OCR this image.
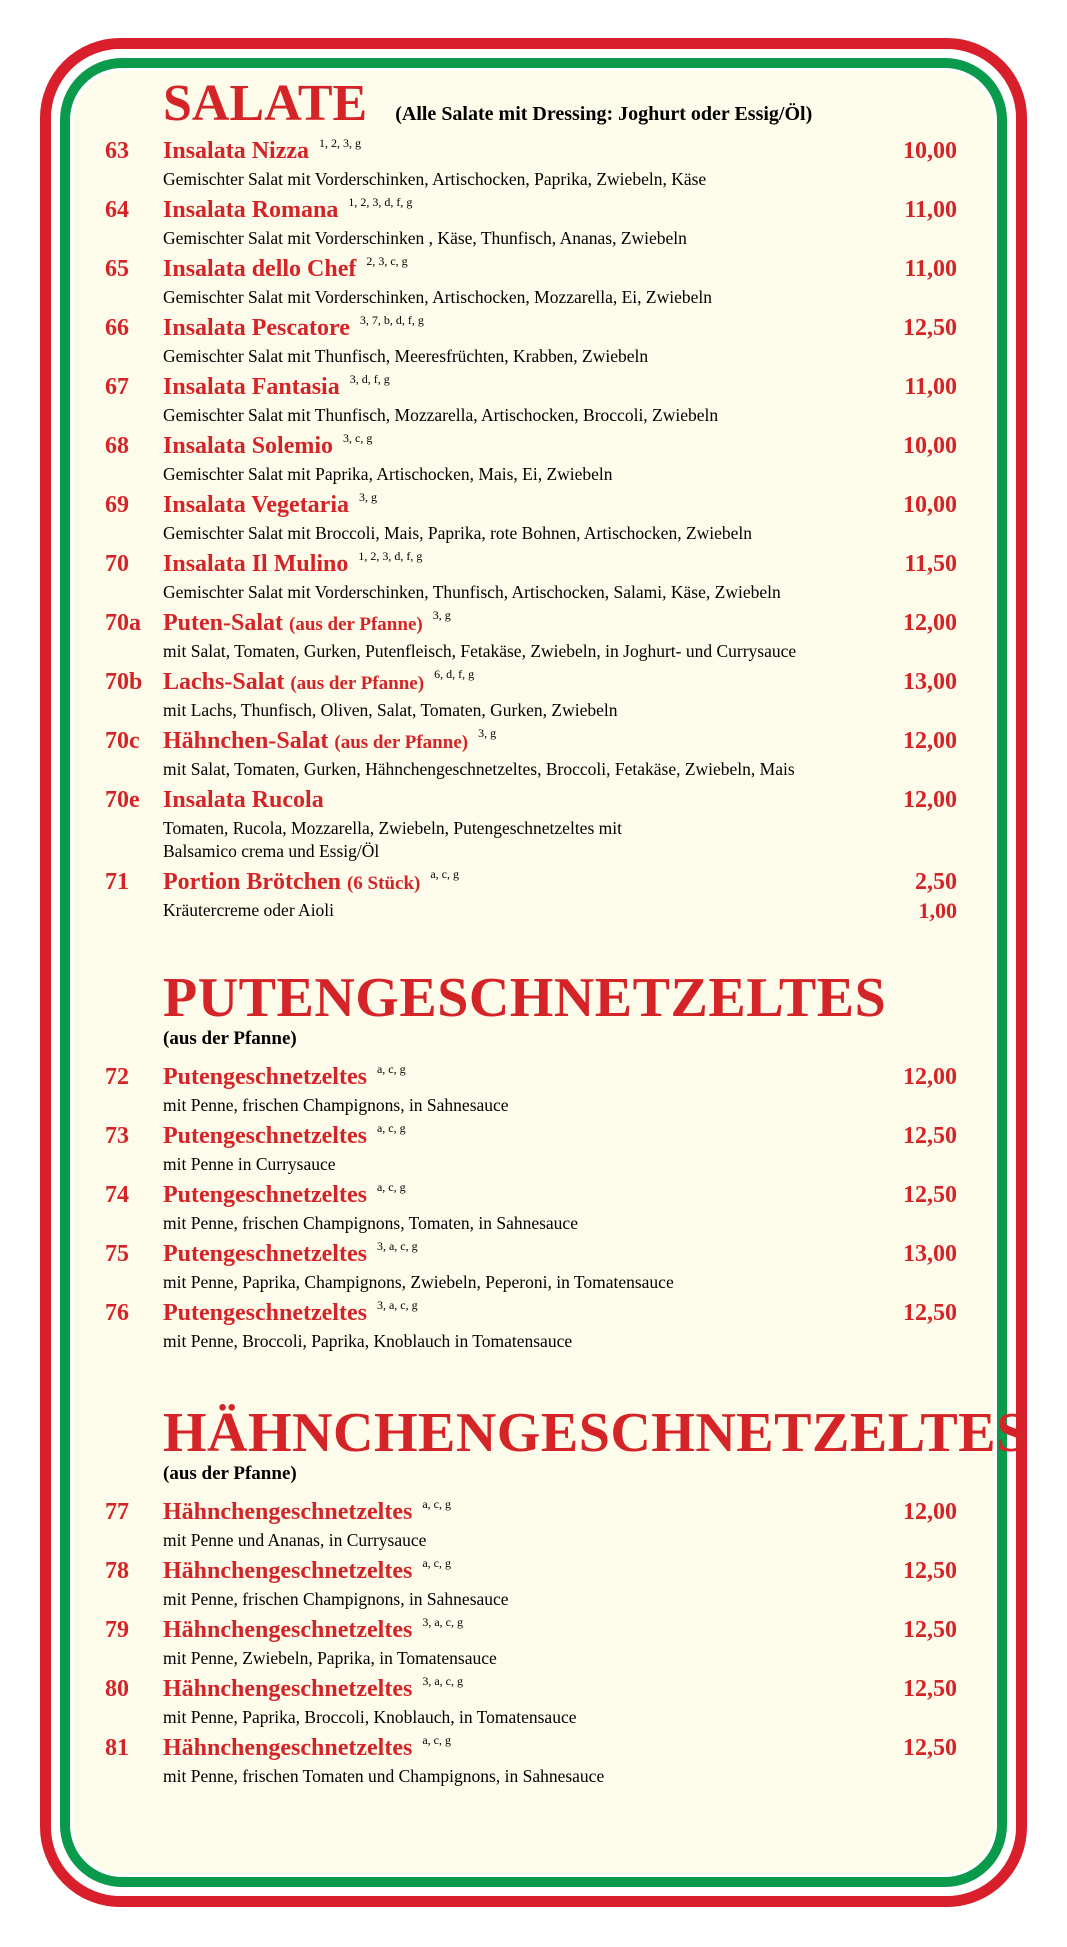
SALATE (Alle Salate mit Dressing: Joghurt oder Essig/Öl)
63	Insalata Nizza 1, 2, 3, g	10,00
Gemischter Salat mit Vorderschinken, Artischocken, Paprika, Zwiebeln, Käse
64	Insalata Romana 1, 2, 3, d, f, g	11,00
Gemischter Salat mit Vorderschinken , Käse, Thunfisch, Ananas, Zwiebeln
65	Insalata dello Chef 2, 3, c, g	11,00
Gemischter Salat mit Vorderschinken, Artischocken, Mozzarella, Ei, Zwiebeln
66	Insalata Pescatore 3, 7, b, d, f, g	12,50
Gemischter Salat mit Thunfisch, Meeresfrüchten, Krabben, Zwiebeln
67	Insalata Fantasia 3, d, f, g	11,00
Gemischter Salat mit Thunfisch, Mozzarella, Artischocken, Broccoli, Zwiebeln
68	Insalata Solemio 3, c, g	10,00
Gemischter Salat mit Paprika, Artischocken, Mais, Ei, Zwiebeln
69	Insalata Vegetaria 3, g	10,00
Gemischter Salat mit Broccoli, Mais, Paprika, rote Bohnen, Artischocken, Zwiebeln
70	Insalata Il Mulino 1, 2, 3, d, f, g	11,50
Gemischter Salat mit Vorderschinken, Thunfisch, Artischocken, Salami, Käse, Zwiebeln
70a Puten-Salat (aus der Pfanne) 3, g	12,00
mit Salat, Tomaten, Gurken, Putenfleisch, Fetakäse, Zwiebeln, in Joghurt- und Currysauce
70b Lachs-Salat (aus der Pfanne) 6, d, f, g	13,00
mit Lachs, Thunfisch, Oliven, Salat, Tomaten, Gurken, Zwiebeln
70c Hähnchen-Salat (aus der Pfanne) 3, g	12,00
mit Salat, Tomaten, Gurken, Hähnchengeschnetzeltes, Broccoli, Fetakäse, Zwiebeln, Mais
70e Insalata Rucola	12,00
Tomaten, Rucola, Mozzarella, Zwiebeln, Putengeschnetzeltes mit
Balsamico crema und Essig/Öl
71	Portion Brötchen (6 Stück) a, c, g	2,50
Kräutercreme oder Aioli	1,00
PUTENGESCHNETZELTES
(aus der Pfanne)
72	Putengeschnetzeltes a, c, g	12,00
mit Penne, frischen Champignons, in Sahnesauce
73	Putengeschnetzeltes a, c, g	12,50
mit Penne in Currysauce
74	Putengeschnetzeltes a, c, g	12,50
mit Penne, frischen Champignons, Tomaten, in Sahnesauce
75	Putengeschnetzeltes 3, a, c, g	13,00
mit Penne, Paprika, Champignons, Zwiebeln, Peperoni, in Tomatensauce
76	Putengeschnetzeltes 3, a, c, g	12,50
mit Penne, Broccoli, Paprika, Knoblauch in Tomatensauce
HÄHNCHENGESCHNETZELTES
(aus der Pfanne)
77	Hähnchengeschnetzeltes a, c, g	12,00
mit Penne und Ananas, in Currysauce
78	Hähnchengeschnetzeltes a, c, g	12,50
mit Penne, frischen Champignons, in Sahnesauce
79	Hähnchengeschnetzeltes 3, a, c, g	12,50
mit Penne, Zwiebeln, Paprika, in Tomatensauce
80	Hähnchengeschnetzeltes 3, a, c, g	12,50
mit Penne, Paprika, Broccoli, Knoblauch, in Tomatensauce
81	Hähnchengeschnetzeltes a, c, g	12,50
mit Penne, frischen Tomaten und Champignons, in Sahnesauce
